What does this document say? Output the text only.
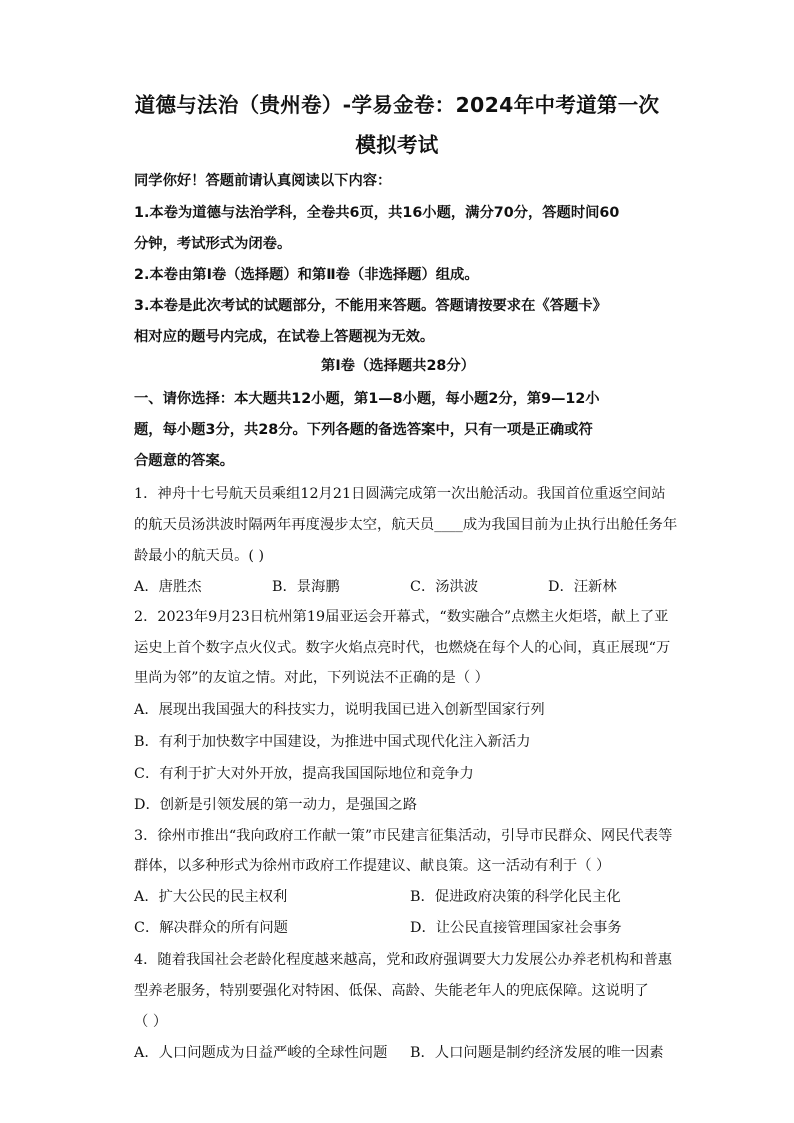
道德与法治（贵州卷）-学易金卷：2024年中考道第一次
模拟考试
同学你好！答题前请认真阅读以下内容：
1.本卷为道德与法治学科，全卷共6页，共16小题，满分70分，答题时间60
分钟，考试形式为闭卷。
2.本卷由第Ⅰ卷（选择题）和第Ⅱ卷（非选择题）组成。
3.本卷是此次考试的试题部分，不能用来答题。答题请按要求在《答题卡》
相对应的题号内完成，在试卷上答题视为无效。
第Ⅰ卷（选择题共28分）
一、请你选择：本大题共12小题，第1—8小题，每小题2分，第9—12小
题，每小题3分，共28分。下列各题的备选答案中，只有一项是正确或符
合题意的答案。
1．神舟十七号航天员乘组12月21日圆满完成第一次出舱活动。我国首位重返空间站
的航天员汤洪波时隔两年再度漫步太空，航天员____成为我国目前为止执行出舱任务年
龄最小的航天员。( )
A．唐胜杰	B．景海鹏	C．汤洪波	D．汪新林
2．2023年9月23日杭州第19届亚运会开幕式，“数实融合”点燃主火炬塔，献上了亚
运史上首个数字点火仪式。数字火焰点亮时代，也燃烧在每个人的心间，真正展现“万
里尚为邻”的友谊之情。对此，下列说法不正确的是（ ）
A．展现出我国强大的科技实力，说明我国已进入创新型国家行列
B．有利于加快数字中国建设，为推进中国式现代化注入新活力
C．有利于扩大对外开放，提高我国国际地位和竞争力
D．创新是引领发展的第一动力，是强国之路
3．徐州市推出“我向政府工作献一策”市民建言征集活动，引导市民群众、网民代表等
群体，以多种形式为徐州市政府工作提建议、献良策。这一活动有利于（ ）
A．扩大公民的民主权利	B．促进政府决策的科学化民主化
C．解决群众的所有问题	D．让公民直接管理国家社会事务
4．随着我国社会老龄化程度越来越高，党和政府强调要大力发展公办养老机构和普惠
型养老服务，特别要强化对特困、低保、高龄、失能老年人的兜底保障。这说明了
（ ）
A．人口问题成为日益严峻的全球性问题 B．人口问题是制约经济发展的唯一因素
